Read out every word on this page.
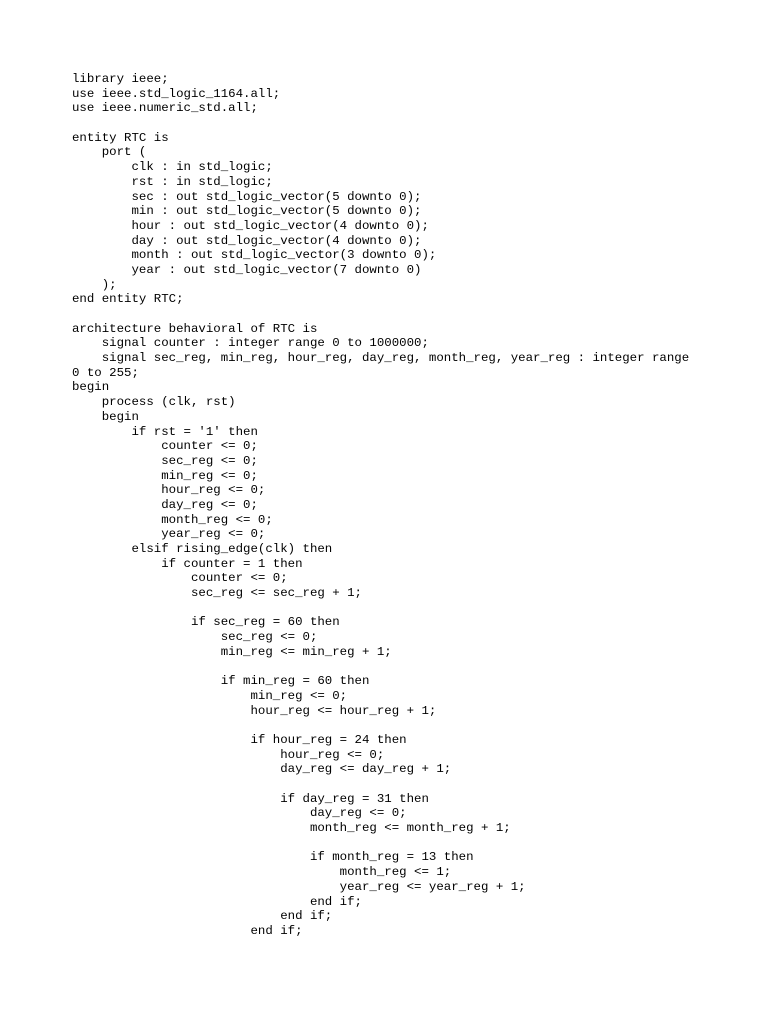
library ieee;
use ieee.std_logic_1164.all;
use ieee.numeric_std.all;
entity RTC is
port (
clk : in std_logic;
rst : in std_logic;
sec : out std_logic_vector(5 downto 0);
min : out std_logic_vector(5 downto 0);
hour : out std_logic_vector(4 downto 0);
day : out std_logic_vector(4 downto 0);
month : out std_logic_vector(3 downto 0);
year : out std_logic_vector(7 downto 0)
);
end entity RTC;
architecture behavioral of RTC is
signal counter : integer range 0 to 1000000;
signal sec_reg, min_reg, hour_reg, day_reg, month_reg, year_reg : integer range
0 to 255;
begin
process (clk, rst)
begin
if rst = '1' then
counter <= 0;
sec_reg <= 0;
min_reg <= 0;
hour_reg <= 0;
day_reg <= 0;
month_reg <= 0;
year_reg <= 0;
elsif rising_edge(clk) then
if counter = 1 then
counter <= 0;
sec_reg <= sec_reg + 1;
if sec_reg = 60 then
sec_reg <= 0;
min_reg <= min_reg + 1;
if min_reg = 60 then
min_reg <= 0;
hour_reg <= hour_reg + 1;
if hour_reg = 24 then
hour_reg <= 0;
day_reg <= day_reg + 1;
if day_reg = 31 then
day_reg <= 0;
month_reg <= month_reg + 1;
if month_reg = 13 then
month_reg <= 1;
year_reg <= year_reg + 1;
end if;
end if;
end if;
